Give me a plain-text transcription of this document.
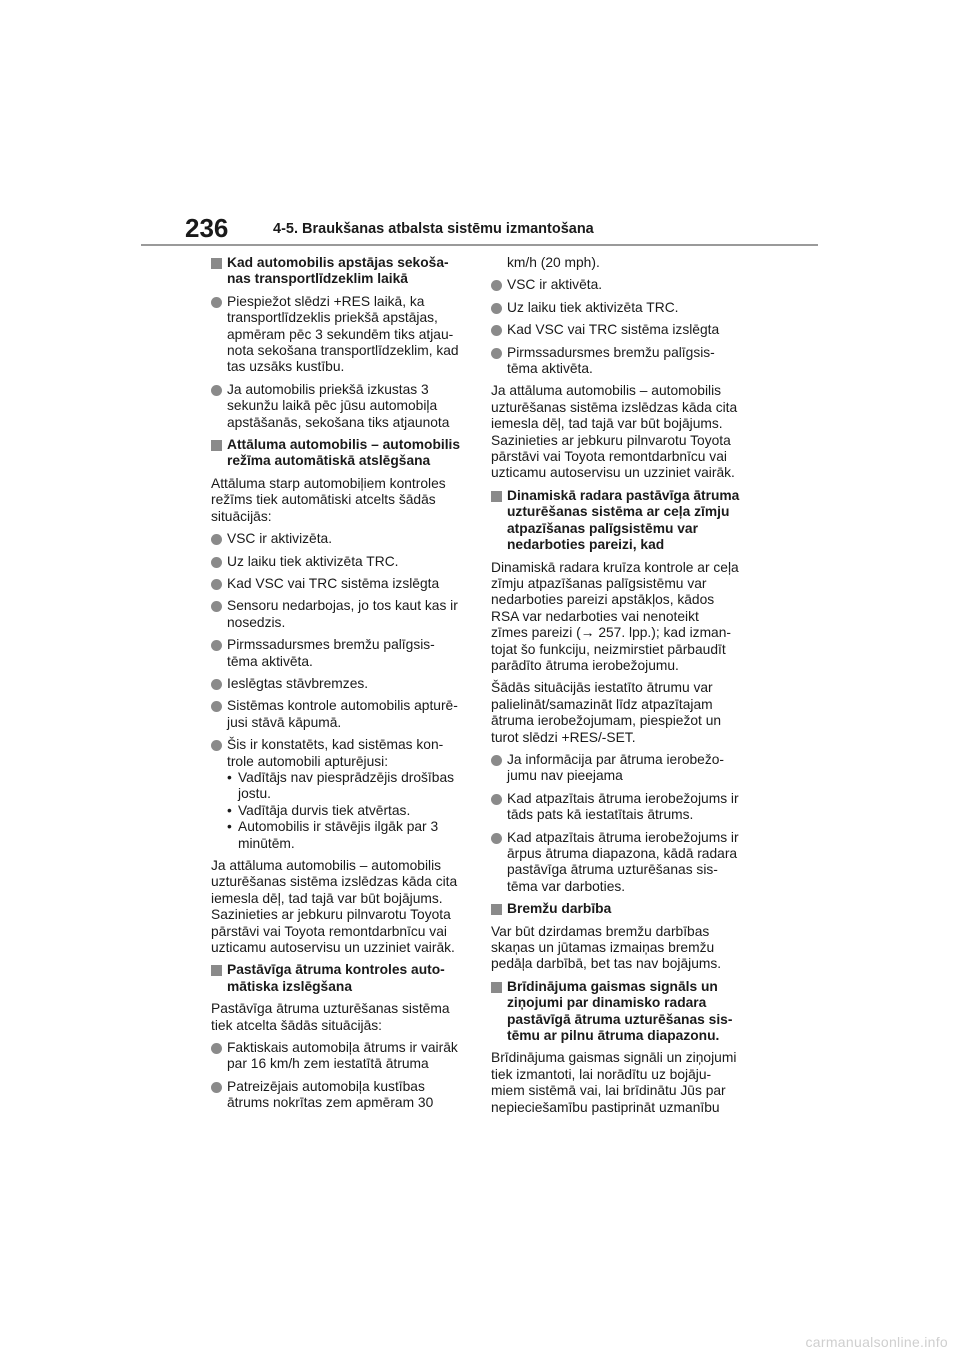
236	4-5. Braukšanas atbalsta sistēmu izmantošana
Kad automobilis apstājas sekoša-
nas transportlīdzeklim laikā
Piespiežot slēdzi +RES laikā, ka
transportlīdzeklis priekšā apstājas,
apmēram pēc 3 sekundēm tiks atjau-
nota sekošana transportlīdzeklim, kad
tas uzsāks kustību.
Ja automobilis priekšā izkustas 3
sekunžu laikā pēc jūsu automobiļa
apstāšanās, sekošana tiks atjaunota
Attāluma automobilis – automobilis
režīma automātiskā atslēgšana
Attāluma starp automobiļiem kontroles
režīms tiek automātiski atcelts šādās
situācijās:
VSC ir aktivizēta.
Uz laiku tiek aktivizēta TRC.
Kad VSC vai TRC sistēma izslēgta
Sensoru nedarbojas, jo tos kaut kas ir
nosedzis.
Pirmssadursmes bremžu palīgsis-
tēma aktivēta.
Ieslēgtas stāvbremzes.
Sistēmas kontrole automobilis apturē-
jusi stāvā kāpumā.
Šis ir konstatēts, kad sistēmas kon-
trole automobili apturējusi:
• Vadītājs nav piesprādzējis drošības
jostu.
• Vadītāja durvis tiek atvērtas.
• Automobilis ir stāvējis ilgāk par 3
minūtēm.
Ja attāluma automobilis – automobilis
uzturēšanas sistēma izslēdzas kāda cita
iemesla dēļ, tad tajā var būt bojājums.
Sazinieties ar jebkuru pilnvarotu Toyota
pārstāvi vai Toyota remontdarbnīcu vai
uzticamu autoservisu un uzziniet vairāk.
Pastāvīga ātruma kontroles auto-
mātiska izslēgšana
Pastāvīga ātruma uzturēšanas sistēma
tiek atcelta šādās situācijās:
Faktiskais automobiļa ātrums ir vairāk
par 16 km/h zem iestatītā ātruma
Patreizējais automobiļa kustības
ātrums nokrītas zem apmēram 30
km/h (20 mph).
VSC ir aktivēta.
Uz laiku tiek aktivizēta TRC.
Kad VSC vai TRC sistēma izslēgta
Pirmssadursmes bremžu palīgsis-
tēma aktivēta.
Ja attāluma automobilis – automobilis
uzturēšanas sistēma izslēdzas kāda cita
iemesla dēļ, tad tajā var būt bojājums.
Sazinieties ar jebkuru pilnvarotu Toyota
pārstāvi vai Toyota remontdarbnīcu vai
uzticamu autoservisu un uzziniet vairāk.
Dinamiskā radara pastāvīga ātruma
uzturēšanas sistēma ar ceļa zīmju
atpazīšanas palīgsistēmu var
nedarboties pareizi, kad
Dinamiskā radara kruīza kontrole ar ceļa
zīmju atpazīšanas palīgsistēmu var
nedarboties pareizi apstākļos, kādos
RSA var nedarboties vai nenoteikt
zīmes pareizi (→ 257. lpp.); kad izman-
tojat šo funkciju, neizmirstiet pārbaudīt
parādīto ātruma ierobežojumu.
Šādās situācijās iestatīto ātrumu var
palielināt/samazināt līdz atpazītajam
ātruma ierobežojumam, piespiežot un
turot slēdzi +RES/-SET.
Ja informācija par ātruma ierobežo-
jumu nav pieejama
Kad atpazītais ātruma ierobežojums ir
tāds pats kā iestatītais ātrums.
Kad atpazītais ātruma ierobežojums ir
ārpus ātruma diapazona, kādā radara
pastāvīga ātruma uzturēšanas sis-
tēma var darboties.
Bremžu darbība
Var būt dzirdamas bremžu darbības
skaņas un jūtamas izmaiņas bremžu
pedāļa darbībā, bet tas nav bojājums.
Brīdinājuma gaismas signāls un
ziņojumi par dinamisko radara
pastāvīgā ātruma uzturēšanas sis-
tēmu ar pilnu ātruma diapazonu.
Brīdinājuma gaismas signāli un ziņojumi
tiek izmantoti, lai norādītu uz bojāju-
miem sistēmā vai, lai brīdinātu Jūs par
nepieciešamību pastiprināt uzmanību
carmanualsonline.info
